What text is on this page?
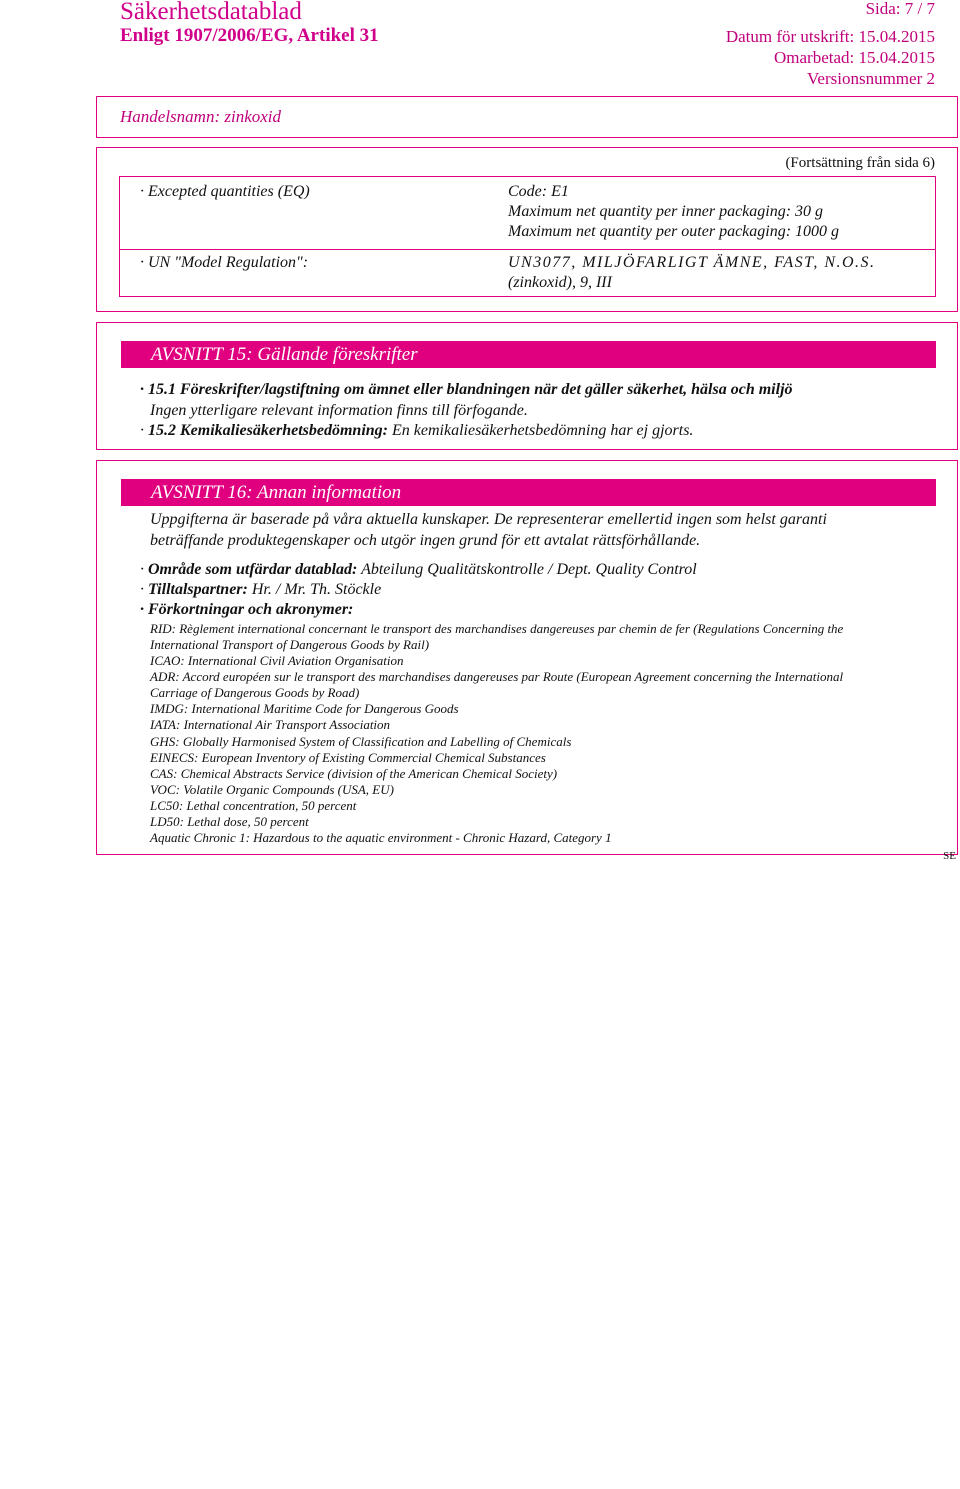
Säkerhetsdatablad	Sida: 7 / 7
Enligt 1907/2006/EG, Artikel 31	Datum för utskrift: 15.04.2015
Omarbetad: 15.04.2015
Versionsnummer 2
Handelsnamn: zinkoxid
(Fortsättning från sida 6)
· Excepted quantities (EQ)	Code: E1
Maximum net quantity per inner packaging: 30 g
Maximum net quantity per outer packaging: 1000 g
· UN "Model Regulation":	UN3077, MILJÖFARLIGT ÄMNE, FAST, N.O.S.
(zinkoxid), 9, III
AVSNITT 15: Gällande föreskrifter
· 15.1 Föreskrifter/lagstiftning om ämnet eller blandningen när det gäller säkerhet, hälsa och miljö
Ingen ytterligare relevant information finns till förfogande.
· 15.2 Kemikaliesäkerhetsbedömning: En kemikaliesäkerhetsbedömning har ej gjorts.
AVSNITT 16: Annan information
Uppgifterna är baserade på våra aktuella kunskaper. De representerar emellertid ingen som helst garanti
beträffande produktegenskaper och utgör ingen grund för ett avtalat rättsförhållande.
· Område som utfärdar datablad: Abteilung Qualitätskontrolle / Dept. Quality Control
· Tilltalspartner: Hr. / Mr. Th. Stöckle
· Förkortningar och akronymer:
RID: Règlement international concernant le transport des marchandises dangereuses par chemin de fer (Regulations Concerning the
International Transport of Dangerous Goods by Rail)
ICAO: International Civil Aviation Organisation
ADR: Accord européen sur le transport des marchandises dangereuses par Route (European Agreement concerning the International
Carriage of Dangerous Goods by Road)
IMDG: International Maritime Code for Dangerous Goods
IATA: International Air Transport Association
GHS: Globally Harmonised System of Classification and Labelling of Chemicals
EINECS: European Inventory of Existing Commercial Chemical Substances
CAS: Chemical Abstracts Service (division of the American Chemical Society)
VOC: Volatile Organic Compounds (USA, EU)
LC50: Lethal concentration, 50 percent
LD50: Lethal dose, 50 percent
Aquatic Chronic 1: Hazardous to the aquatic environment - Chronic Hazard, Category 1
SE
